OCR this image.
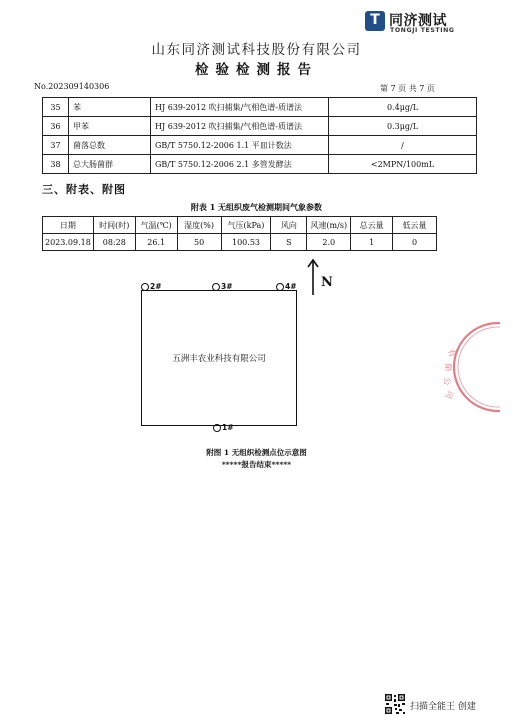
T 同济测试
TONGJI TESTING
山东同济测试科技股份有限公司
检验检测报告
No.202309140306	第 7 页 共 7 页
35	苯	HJ 639-2012 吹扫捕集/气相色谱-质谱法	0.4μg/L
36	甲苯	HJ 639-2012 吹扫捕集/气相色谱-质谱法	0.3μg/L
37	菌落总数	GB/T 5750.12-2006 1.1 平皿计数法	/
38	总大肠菌群	GB/T 5750.12-2006 2.1 多管发酵法	<2MPN/100mL
三、附表、附图
附表 1 无组织废气检测期间气象参数
日期	时间(时)	气温(℃)	湿度(%)	气压(kPa)	风向	风速(m/s)	总云量	低云量
2023.09.18	08:28	26.1	50	100.53	S	2.0	1	0
N
2#	3#	4#
五洲丰农业科技有限公司
1#
附图 1 无组织检测点位示意图
*****报告结束*****
有
限
公
司
扫描全能王 创建
